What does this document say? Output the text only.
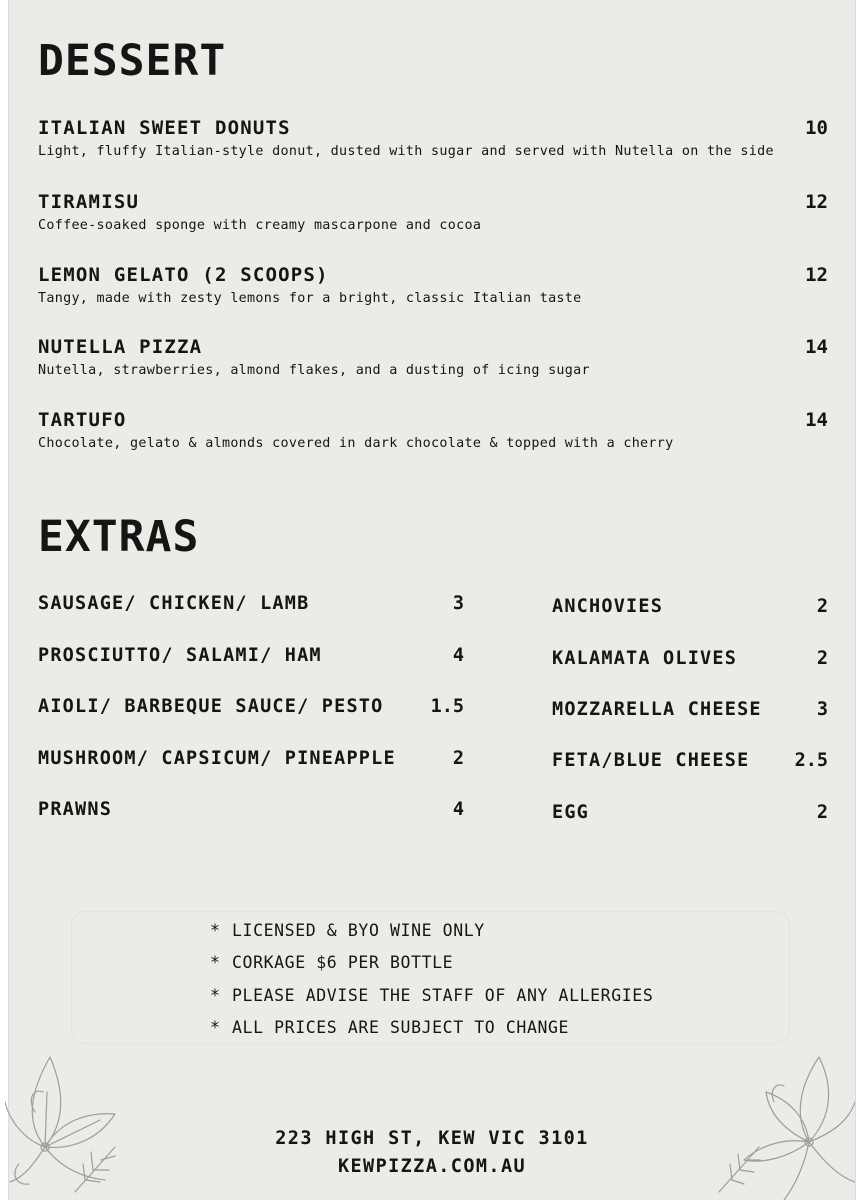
DESSERT
ITALIAN SWEET DONUTS	10
Light, fluffy Italian-style donut, dusted with sugar and served with Nutella on the side
TIRAMISU	12
Coffee-soaked sponge with creamy mascarpone and cocoa
LEMON GELATO (2 SCOOPS)	12
Tangy, made with zesty lemons for a bright, classic Italian taste
NUTELLA PIZZA	14
Nutella, strawberries, almond flakes, and a dusting of icing sugar
TARTUFO	14
Chocolate, gelato & almonds covered in dark chocolate & topped with a cherry
EXTRAS
SAUSAGE/ CHICKEN/ LAMB	3
PROSCIUTTO/ SALAMI/ HAM	4
AIOLI/ BARBEQUE SAUCE/ PESTO	1.5
MUSHROOM/ CAPSICUM/ PINEAPPLE	2
PRAWNS	4
ANCHOVIES	2
KALAMATA OLIVES	2
MOZZARELLA CHEESE	3
FETA/BLUE CHEESE 2.5
EGG	2
* LICENSED & BYO WINE ONLY
* CORKAGE $6 PER BOTTLE
* PLEASE ADVISE THE STAFF OF ANY ALLERGIES
* ALL PRICES ARE SUBJECT TO CHANGE
223 HIGH ST, KEW VIC 3101
KEWPIZZA.COM.AU
